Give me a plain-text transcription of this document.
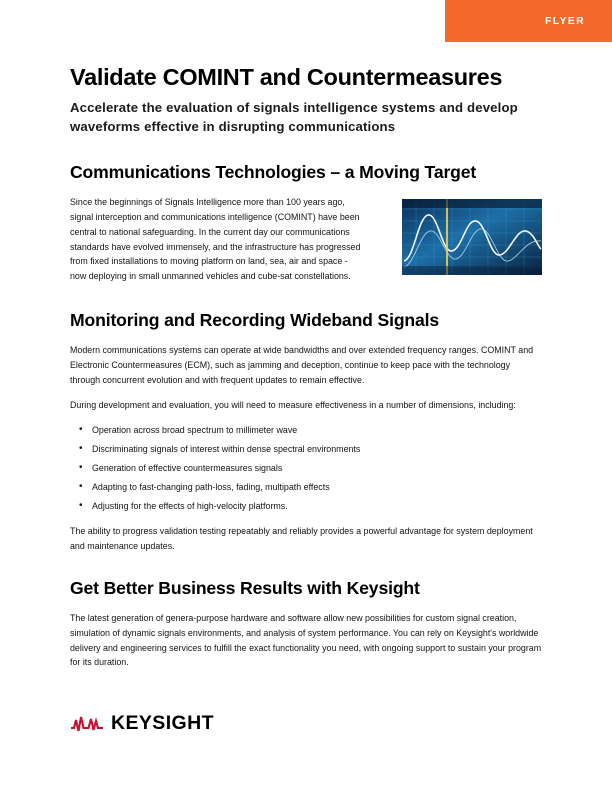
FLYER
Validate COMINT and Countermeasures
Accelerate the evaluation of signals intelligence systems and develop waveforms effective in disrupting communications
Communications Technologies – a Moving Target
Since the beginnings of Signals Intelligence more than 100 years ago, signal interception and communications intelligence (COMINT) have been central to national safeguarding. In the current day our communications standards have evolved immensely, and the infrastructure has progressed from fixed installations to moving platform on land, sea, air and space - now deploying in small unmanned vehicles and cube-sat constellations.
Monitoring and Recording Wideband Signals

Modern communications systems can operate at wide bandwidths and over extended frequency ranges. COMINT and Electronic Countermeasures (ECM), such as jamming and deception, continue to keep pace with the technology through concurrent evolution and with frequent updates to remain effective.

During development and evaluation, you will need to measure effectiveness in a number of dimensions, including:

• Operation across broad spectrum to millimeter wave
• Discriminating signals of interest within dense spectral environments
• Generation of effective countermeasures signals
• Adapting to fast-changing path-loss, fading, multipath effects
• Adjusting for the effects of high-velocity platforms.

The ability to progress validation testing repeatably and reliably provides a powerful advantage for system deployment and maintenance updates.

Get Better Business Results with Keysight

The latest generation of genera-purpose hardware and software allow new possibilities for custom signal creation, simulation of dynamic signals environments, and analysis of system performance. You can rely on Keysight's worldwide delivery and engineering services to fulfill the exact functionality you need, with ongoing support to sustain your program for its duration.

KEYSIGHT
